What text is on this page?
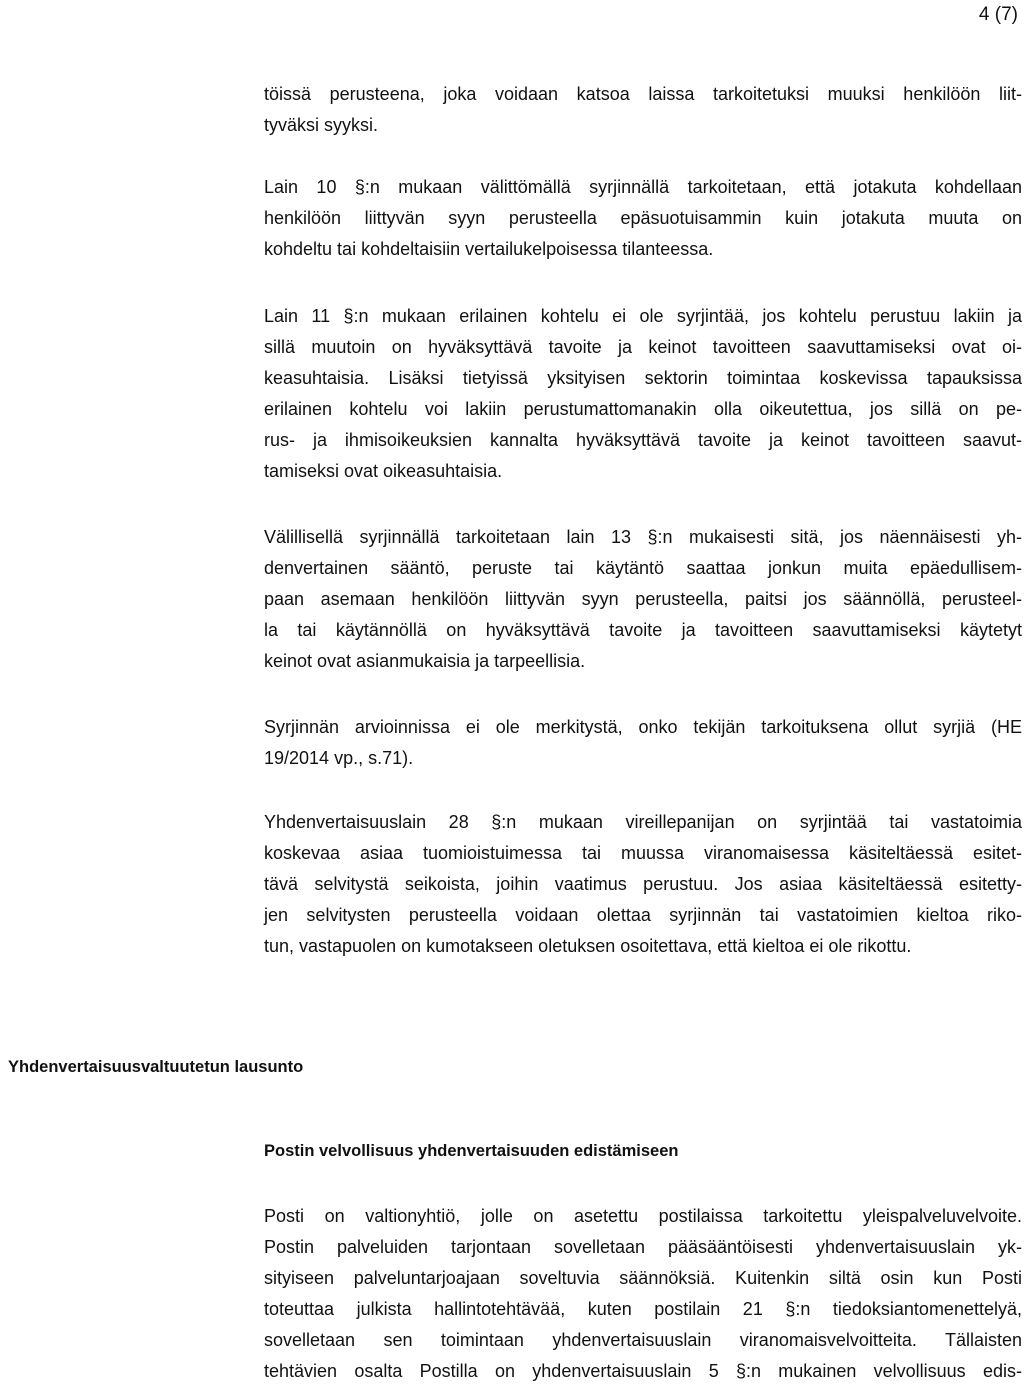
4 (7)
töissä perusteena, joka voidaan katsoa laissa tarkoitetuksi muuksi henkilöön liit-
tyväksi syyksi.
Lain 10 §:n mukaan välittömällä syrjinnällä tarkoitetaan, että jotakuta kohdellaan
henkilöön liittyvän syyn perusteella epäsuotuisammin kuin jotakuta muuta on
kohdeltu tai kohdeltaisiin vertailukelpoisessa tilanteessa.
Lain 11 §:n mukaan erilainen kohtelu ei ole syrjintää, jos kohtelu perustuu lakiin ja
sillä muutoin on hyväksyttävä tavoite ja keinot tavoitteen saavuttamiseksi ovat oi-
keasuhtaisia. Lisäksi tietyissä yksityisen sektorin toimintaa koskevissa tapauksissa
erilainen kohtelu voi lakiin perustumattomanakin olla oikeutettua, jos sillä on pe-
rus- ja ihmisoikeuksien kannalta hyväksyttävä tavoite ja keinot tavoitteen saavut-
tamiseksi ovat oikeasuhtaisia.
Välillisellä syrjinnällä tarkoitetaan lain 13 §:n mukaisesti sitä, jos näennäisesti yh-
denvertainen sääntö, peruste tai käytäntö saattaa jonkun muita epäedullisem-
paan asemaan henkilöön liittyvän syyn perusteella, paitsi jos säännöllä, perusteel-
la tai käytännöllä on hyväksyttävä tavoite ja tavoitteen saavuttamiseksi käytetyt
keinot ovat asianmukaisia ja tarpeellisia.
Syrjinnän arvioinnissa ei ole merkitystä, onko tekijän tarkoituksena ollut syrjiä (HE
19/2014 vp., s.71).
Yhdenvertaisuuslain 28 §:n mukaan vireillepanijan on syrjintää tai vastatoimia
koskevaa asiaa tuomioistuimessa tai muussa viranomaisessa käsiteltäessä esitet-
tävä selvitystä seikoista, joihin vaatimus perustuu. Jos asiaa käsiteltäessä esitetty-
jen selvitysten perusteella voidaan olettaa syrjinnän tai vastatoimien kieltoa riko-
tun, vastapuolen on kumotakseen oletuksen osoitettava, että kieltoa ei ole rikottu.
Yhdenvertaisuusvaltuutetun lausunto
Postin velvollisuus yhdenvertaisuuden edistämiseen
Posti on valtionyhtiö, jolle on asetettu postilaissa tarkoitettu yleispalveluvelvoite.
Postin palveluiden tarjontaan sovelletaan pääsääntöisesti yhdenvertaisuuslain yk-
sityiseen palveluntarjoajaan soveltuvia säännöksiä. Kuitenkin siltä osin kun Posti
toteuttaa julkista hallintotehtävää, kuten postilain 21 §:n tiedoksiantomenettelyä,
sovelletaan sen toimintaan yhdenvertaisuuslain viranomaisvelvoitteita. Tällaisten
tehtävien osalta Postilla on yhdenvertaisuuslain 5 §:n mukainen velvollisuus edis-
